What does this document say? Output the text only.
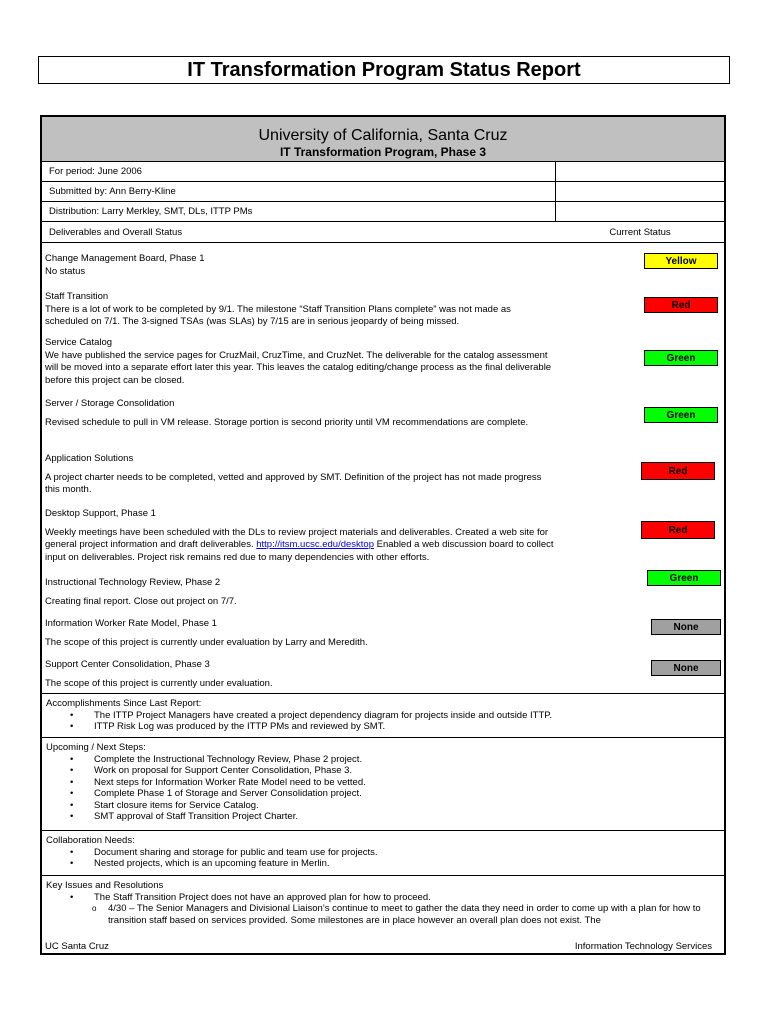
IT Transformation Program Status Report
University of California, Santa Cruz
IT Transformation Program, Phase 3
For period: June 2006
Submitted by: Ann Berry-Kline
Distribution: Larry Merkley, SMT, DLs, ITTP PMs
Deliverables and Overall Status	Current Status
Change Management Board, Phase 1
No status
Yellow
Staff Transition
There is a lot of work to be completed by 9/1. The milestone “Staff Transition Plans complete” was not made as scheduled on 7/1. The 3-signed TSAs (was SLAs) by 7/15 are in serious jeopardy of being missed.
Red
Service Catalog
We have published the service pages for CruzMail, CruzTime, and CruzNet. The deliverable for the catalog assessment will be moved into a separate effort later this year. This leaves the catalog editing/change process as the final deliverable before this project can be closed.
Green
Server / Storage Consolidation
Revised schedule to pull in VM release. Storage portion is second priority until VM recommendations are complete.
Green
Application Solutions
A project charter needs to be completed, vetted and approved by SMT. Definition of the project has not made progress this month.
Red
Desktop Support, Phase 1
Weekly meetings have been scheduled with the DLs to review project materials and deliverables. Created a web site for general project information and draft deliverables. http://itsm.ucsc.edu/desktop Enabled a web discussion board to collect input on deliverables. Project risk remains red due to many dependencies with other efforts.
Red
Instructional Technology Review, Phase 2
Creating final report. Close out project on 7/7.
Green
Information Worker Rate Model, Phase 1
The scope of this project is currently under evaluation by Larry and Meredith.
None
Support Center Consolidation, Phase 3
The scope of this project is currently under evaluation.
None
Accomplishments Since Last Report:
• The ITTP Project Managers have created a project dependency diagram for projects inside and outside ITTP.
• ITTP Risk Log was produced by the ITTP PMs and reviewed by SMT.
Upcoming / Next Steps:
• Complete the Instructional Technology Review, Phase 2 project.
• Work on proposal for Support Center Consolidation, Phase 3.
• Next steps for Information Worker Rate Model need to be vetted.
• Complete Phase 1 of Storage and Server Consolidation project.
• Start closure items for Service Catalog.
• SMT approval of Staff Transition Project Charter.
Collaboration Needs:
• Document sharing and storage for public and team use for projects.
• Nested projects, which is an upcoming feature in Merlin.
Key Issues and Resolutions
• The Staff Transition Project does not have an approved plan for how to proceed.
o 4/30 – The Senior Managers and Divisional Liaison’s continue to meet to gather the data they need in order to come up with a plan for how to transition staff based on services provided. Some milestones are in place however an overall plan does not exist. The
UC Santa Cruz	Information Technology Services
